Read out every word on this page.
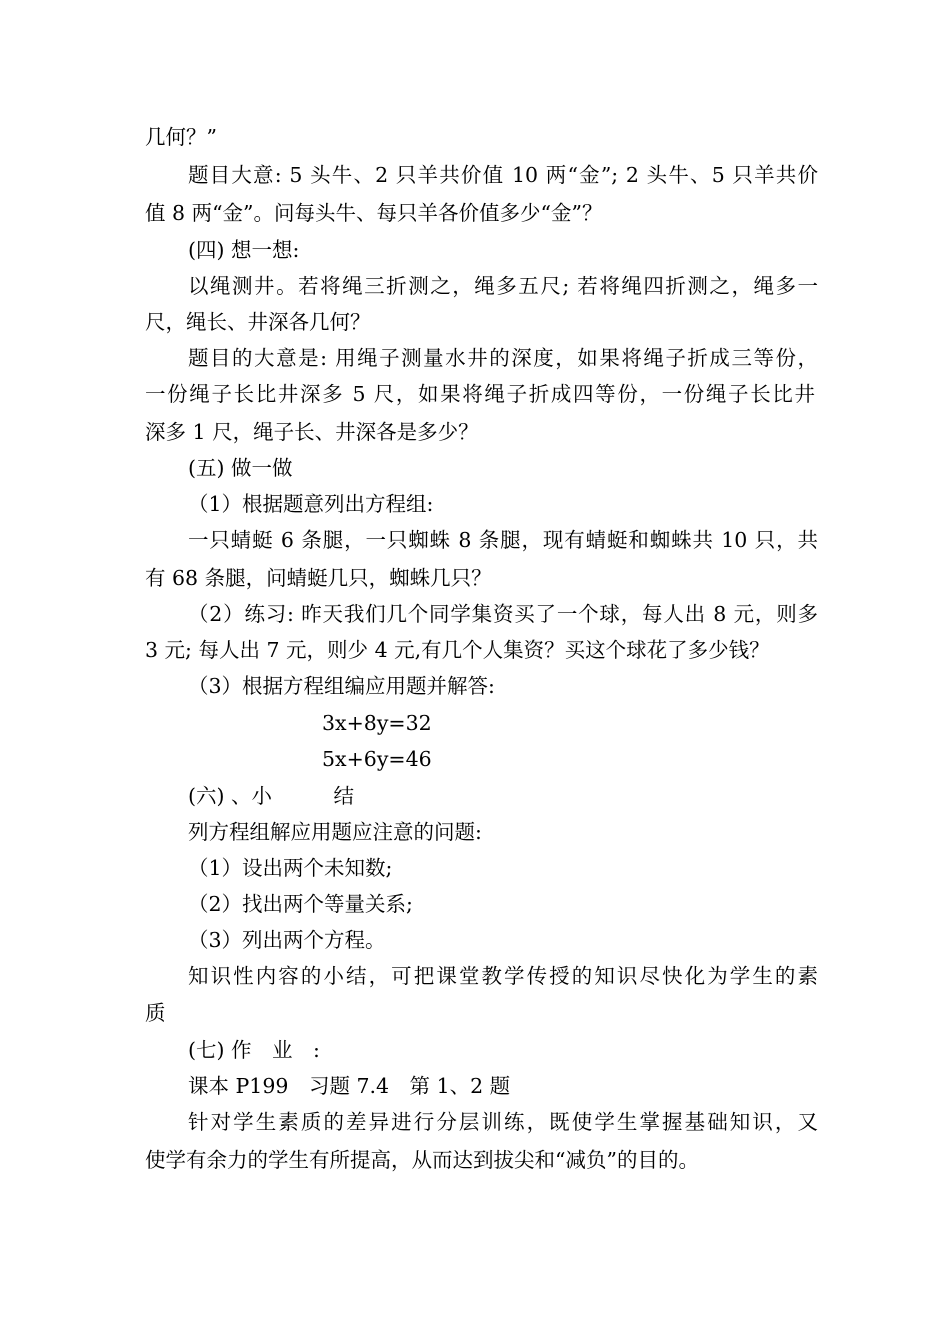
几何？”
题目大意: 5 头牛、2 只羊共价值 10 两“金”; 2 头牛、5 只羊共价
值 8 两“金”。问每头牛、每只羊各价值多少“金”？
(四) 想一想:
以绳测井。若将绳三折测之，绳多五尺; 若将绳四折测之，绳多一
尺，绳长、井深各几何？
题目的大意是: 用绳子测量水井的深度，如果将绳子折成三等份，
一份绳子长比井深多 5 尺，如果将绳子折成四等份，一份绳子长比井
深多 1 尺，绳子长、井深各是多少？
(五) 做一做
（1）根据题意列出方程组:
一只蜻蜓 6 条腿，一只蜘蛛 8 条腿，现有蜻蜓和蜘蛛共 10 只，共
有 68 条腿，问蜻蜓几只，蜘蛛几只？
（2）练习: 昨天我们几个同学集资买了一个球，每人出 8 元，则多
3 元; 每人出 7 元，则少 4 元,有几个人集资？买这个球花了多少钱？
（3）根据方程组编应用题并解答:
3x+8y=32
5x+6y=46
(六) 、小　　　结
列方程组解应用题应注意的问题:
（1）设出两个未知数;
（2）找出两个等量关系;
（3）列出两个方程。
知识性内容的小结，可把课堂教学传授的知识尽快化为学生的素
质
(七) 作　业　:
课本 P199　习题 7.4　第 1、2 题
针对学生素质的差异进行分层训练，既使学生掌握基础知识，又
使学有余力的学生有所提高，从而达到拔尖和“减负”的目的。
